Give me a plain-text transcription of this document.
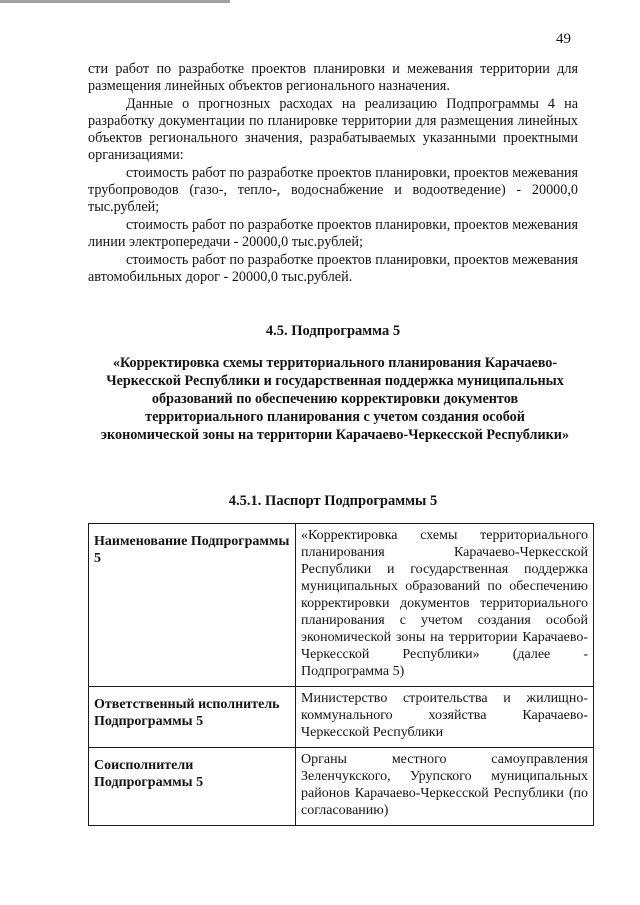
49

сти работ по разработке проектов планировки и межевания территории для размещения линейных объектов регионального назначения.

Данные о прогнозных расходах на реализацию Подпрограммы 4 на разработку документации по планировке территории для размещения линейных объектов регионального значения, разрабатываемых указанными проектными организациями:

стоимость работ по разработке проектов планировки, проектов межевания трубопроводов (газо-, тепло-, водоснабжение и водоотведение) - 20000,0 тыс.рублей;

стоимость работ по разработке проектов планировки, проектов межевания линии электропередачи - 20000,0 тыс.рублей;

стоимость работ по разработке проектов планировки, проектов межевания автомобильных дорог - 20000,0 тыс.рублей.

4.5. Подпрограмма 5

«Корректировка схемы территориального планирования Карачаево-Черкесской Республики и государственная поддержка муниципальных образований по обеспечению корректировки документов территориального планирования с учетом создания особой экономической зоны на территории Карачаево-Черкесской Республики»

4.5.1. Паспорт Подпрограммы 5

Наименование Подпрограммы 5	«Корректировка схемы территориального планирования Карачаево-Черкесской Республики и государственная поддержка муниципальных образований по обеспечению корректировки документов территориального планирования с учетом создания особой экономической зоны на территории Карачаево-Черкесской Республики» (далее - Подпрограмма 5)
Ответственный исполнитель Подпрограммы 5	Министерство строительства и жилищно-коммунального хозяйства Карачаево-Черкесской Республики
Соисполнители Подпрограммы 5	Органы местного самоуправления Зеленчукского, Урупского муниципальных районов Карачаево-Черкесской Республики (по согласованию)
